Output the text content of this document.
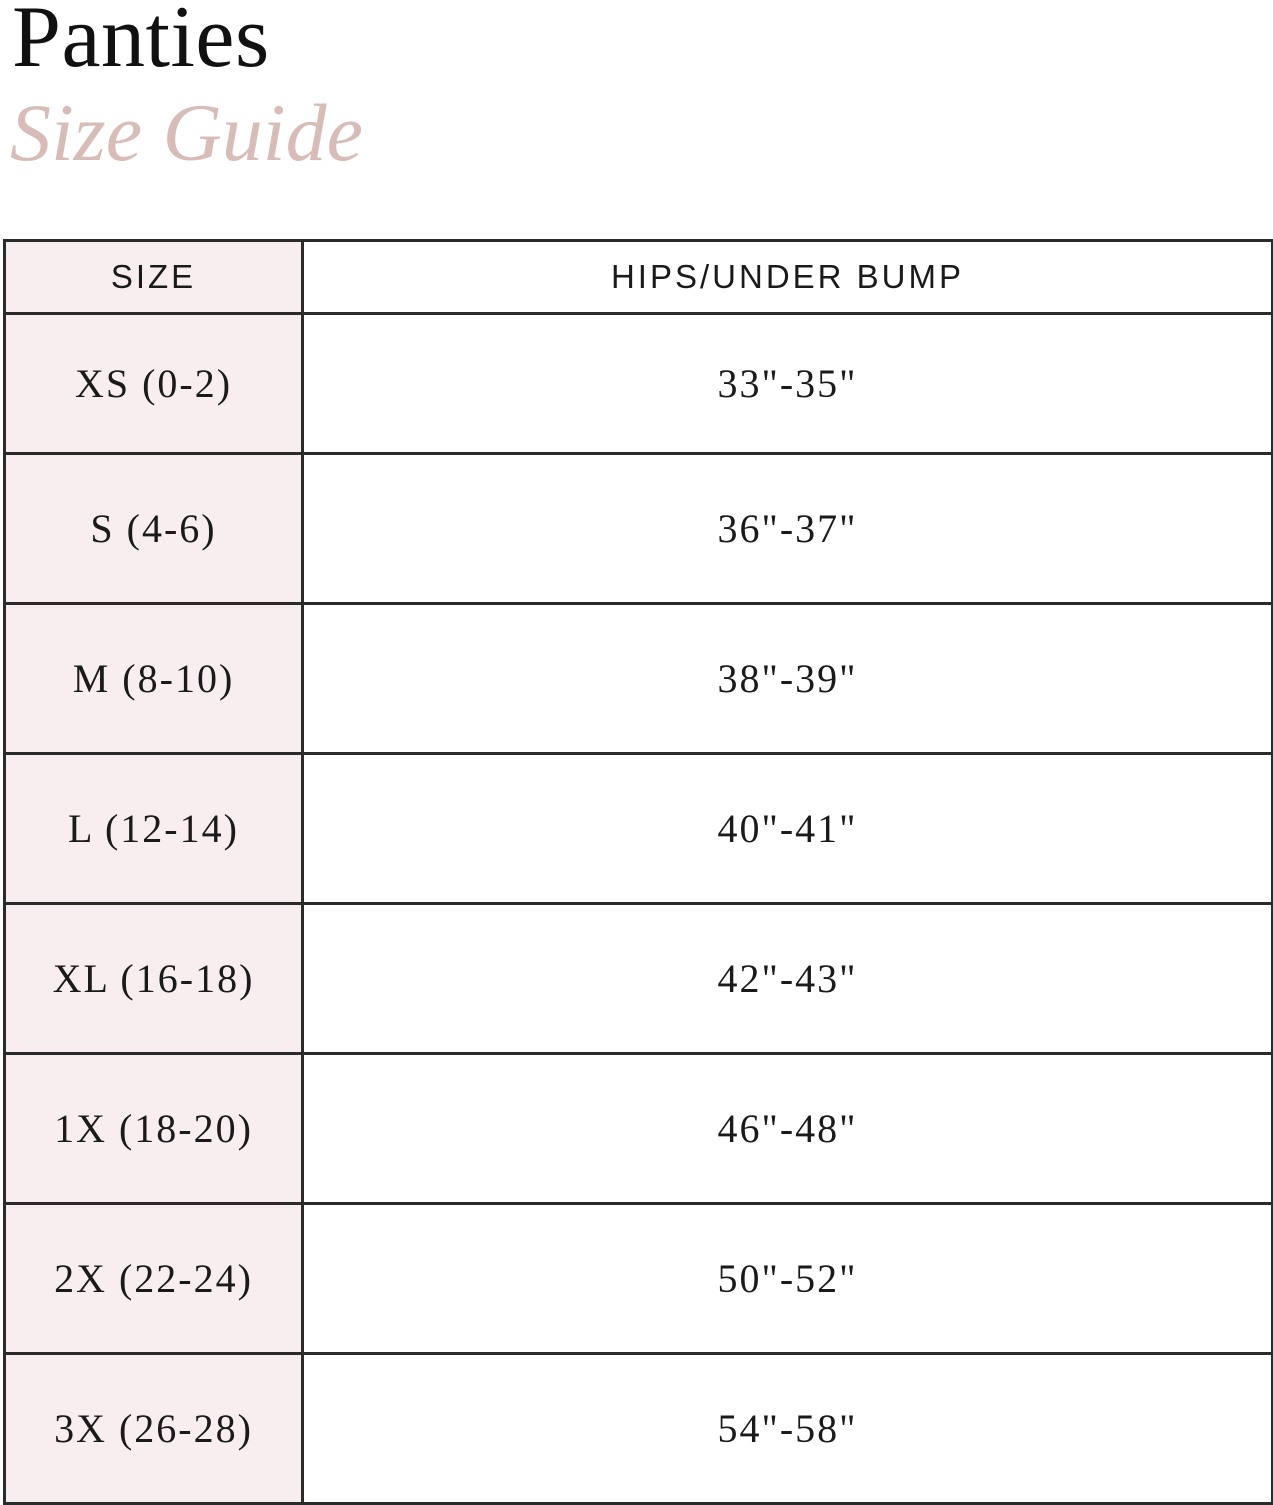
Panties
Size Guide
SIZE	HIPS/UNDER BUMP
XS (0-2)	33"-35"
S (4-6)	36"-37"
M (8-10)	38"-39"
L (12-14)	40"-41"
XL (16-18)	42"-43"
1X (18-20)	46"-48"
2X (22-24)	50"-52"
3X (26-28)	54"-58"
